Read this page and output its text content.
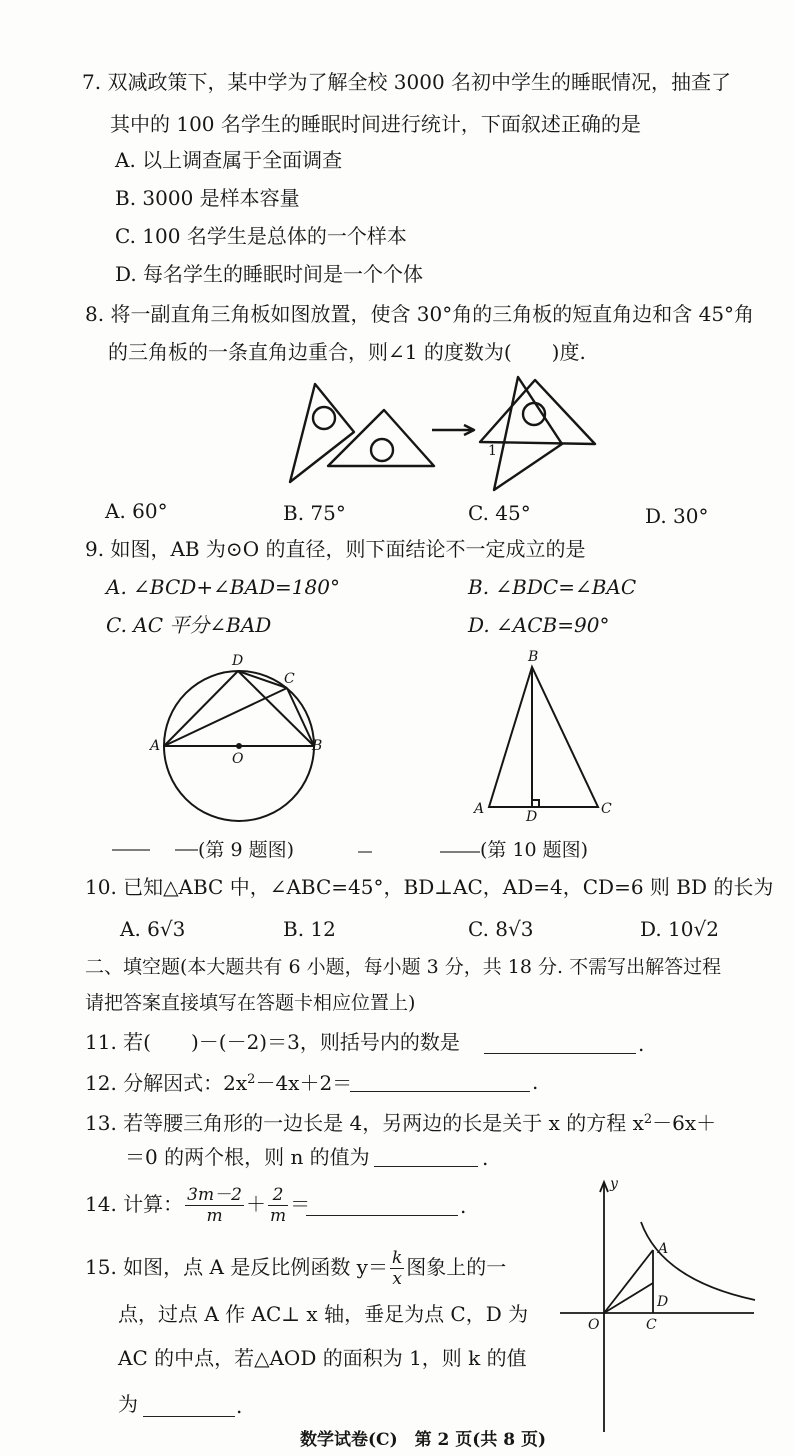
7. 双减政策下，某中学为了解全校 3000 名初中学生的睡眠情况，抽查了
其中的 100 名学生的睡眠时间进行统计，下面叙述正确的是
A. 以上调查属于全面调查
B. 3000 是样本容量
C. 100 名学生是总体的一个样本
D. 每名学生的睡眠时间是一个个体
8. 将一副直角三角板如图放置，使含 30°角的三角板的短直角边和含 45°角
的三角板的一条直角边重合，则∠1 的度数为(　　)度.
1
A. 60°	B. 75°	C. 45°	D. 30°
9. 如图，AB 为⊙O 的直径，则下面结论不一定成立的是
A. ∠BCD+∠BAD=180°	B. ∠BDC=∠BAC
C. AC 平分∠BAD	D. ∠ACB=90°
D
C
A	B
O
B
A	D	C
(第 9 题图)	(第 10 题图)
10. 已知△ABC 中，∠ABC=45°，BD⊥AC，AD=4，CD=6 则 BD 的长为
A. 6√3	B. 12	C. 8√3	D. 10√2
二、填空题(本大题共有 6 小题，每小题 3 分，共 18 分. 不需写出解答过程
请把答案直接填写在答题卡相应位置上)
11. 若(　　)－(－2)＝3，则括号内的数是	.
12. 分解因式：$2x^2-4x+2=$	.
13. 若等腰三角形的一边长是 4，另两边的长是关于 x 的方程 $x^2-6x+$
＝0 的两个根，则 n 的值为	.
14. 计算： $\frac{3m-2}{m} + \frac{2}{m}$ ＝	.
15. 如图，点 A 是反比例函数 $y= \frac{k}{x}$ 图象上的一
点，过点 A 作 AC⊥ x 轴，垂足为点 C，D 为
AC 的中点，若△AOD 的面积为 1，则 k 的值
为	.
y
A
D
O	C
数学试卷(C)　第 2 页(共 8 页)
